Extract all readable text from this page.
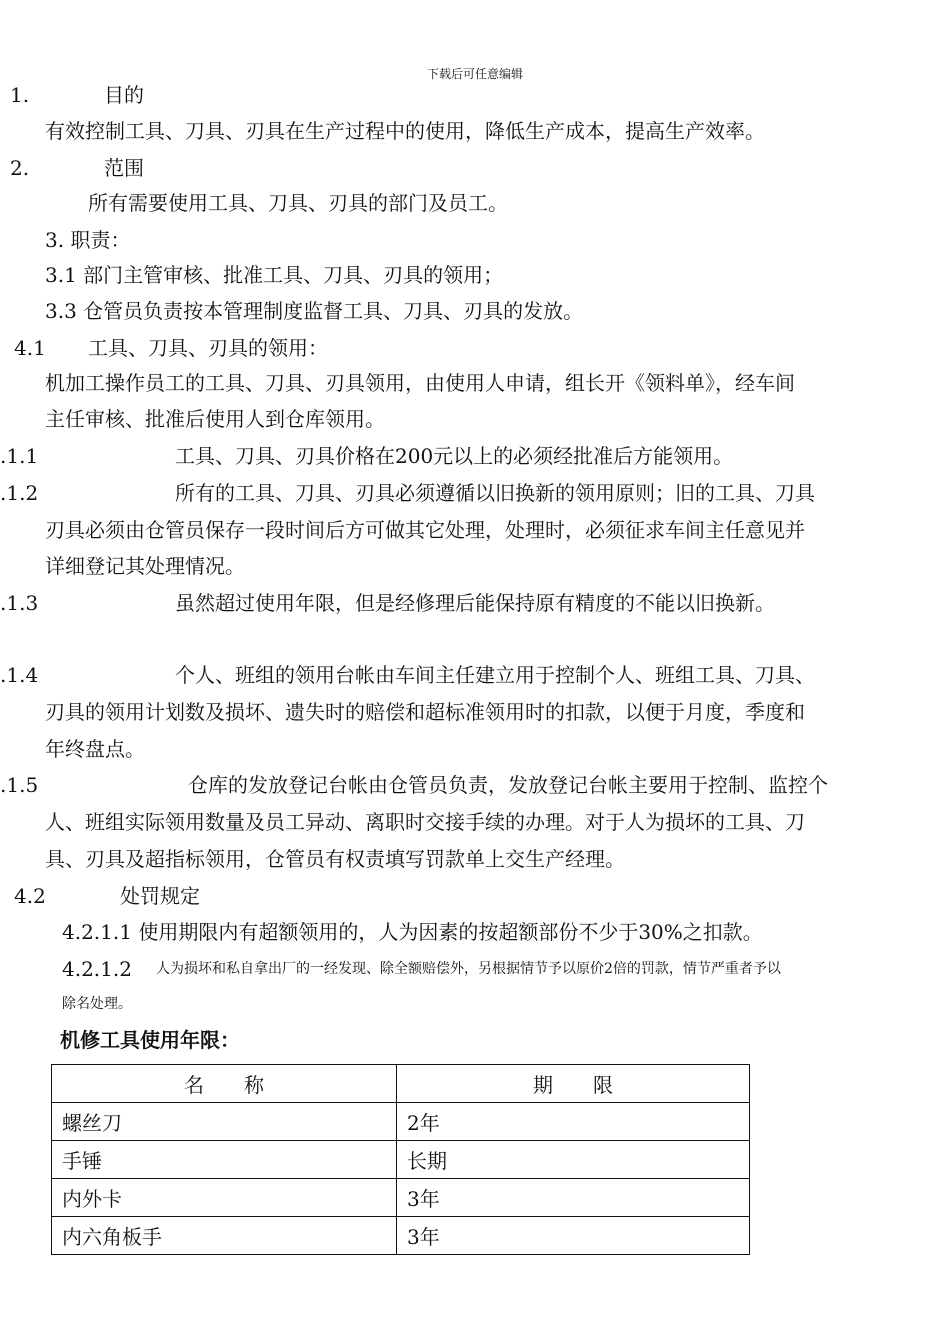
下载后可任意编辑
1.	目的
有效控制工具、刀具、刃具在生产过程中的使用，降低生产成本，提高生产效率。
2.	范围
所有需要使用工具、刀具、刃具的部门及员工。
3. 职责：
3.1 部门主管审核、批准工具、刀具、刃具的领用；
3.3 仓管员负责按本管理制度监督工具、刀具、刃具的发放。
4.1 工具、刀具、刃具的领用：
机加工操作员工的工具、刀具、刃具领用，由使用人申请，组长开《领料单》，经车间
主任审核、批准后使用人到仓库领用。
.1.1	工具、刀具、刃具价格在200元以上的必须经批准后方能领用。
.1.2	所有的工具、刀具、刃具必须遵循以旧换新的领用原则；旧的工具、刀具
刃具必须由仓管员保存一段时间后方可做其它处理，处理时，必须征求车间主任意见并
详细登记其处理情况。
.1.3	虽然超过使用年限，但是经修理后能保持原有精度的不能以旧换新。
.1.4	个人、班组的领用台帐由车间主任建立用于控制个人、班组工具、刀具、
刃具的领用计划数及损坏、遗失时的赔偿和超标准领用时的扣款，以便于月度，季度和
年终盘点。
.1.5	仓库的发放登记台帐由仓管员负责，发放登记台帐主要用于控制、监控个
人、班组实际领用数量及员工异动、离职时交接手续的办理。对于人为损坏的工具、刀
具、刃具及超指标领用，仓管员有权责填写罚款单上交生产经理。
4.2	处罚规定
4.2.1.1 使用期限内有超额领用的，人为因素的按超额部份不少于30%之扣款。
4.2.1.2 人为损坏和私自拿出厂的一经发现、除全额赔偿外，另根据情节予以原价2倍的罚款，情节严重者予以
除名处理。
机修工具使用年限：
名　　称	期　　限
螺丝刀	2年
手锤	长期
内外卡	3年
内六角板手	3年
